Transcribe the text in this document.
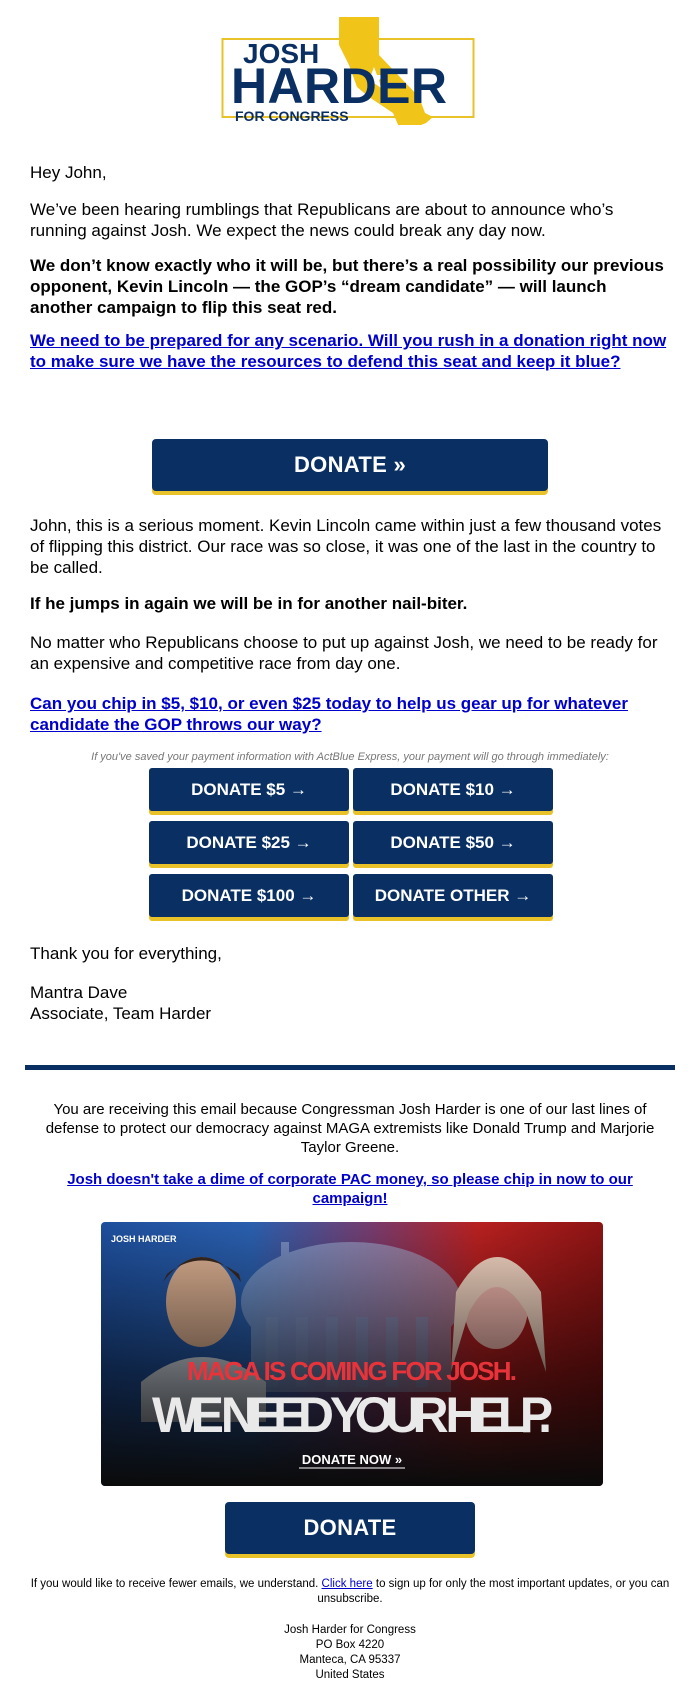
JOSH
HARDER
FOR CONGRESS

Hey John,

We’ve been hearing rumblings that Republicans are about to announce who’s running against Josh. We expect the news could break any day now.

We don’t know exactly who it will be, but there’s a real possibility our previous opponent, Kevin Lincoln — the GOP’s “dream candidate” — will launch another campaign to flip this seat red.

We need to be prepared for any scenario. Will you rush in a donation right now to make sure we have the resources to defend this seat and keep it blue?

DONATE »

John, this is a serious moment. Kevin Lincoln came within just a few thousand votes of flipping this district. Our race was so close, it was one of the last in the country to be called.

If he jumps in again we will be in for another nail-biter.

No matter who Republicans choose to put up against Josh, we need to be ready for an expensive and competitive race from day one.

Can you chip in $5, $10, or even $25 today to help us gear up for whatever candidate the GOP throws our way?

If you've saved your payment information with ActBlue Express, your payment will go through immediately:
DONATE $5 →	DONATE $10 →
DONATE $25 →	DONATE $50 →
DONATE $100 →	DONATE OTHER →

Thank you for everything,

Mantra Dave

Associate, Team Harder

You are receiving this email because Congressman Josh Harder is one of our last lines of defense to protect our democracy against MAGA extremists like Donald Trump and Marjorie Taylor Greene.
Josh doesn't take a dime of corporate PAC money, so please chip in now to our campaign!
JOSH HARDER
MAGA IS COMING FOR JOSH.
WE NEED YOUR HELP.
DONATE NOW »
DONATE
If you would like to receive fewer emails, we understand. Click here to sign up for only the most important updates, or you can unsubscribe.
Josh Harder for Congress
PO Box 4220
Manteca, CA 95337
United States
